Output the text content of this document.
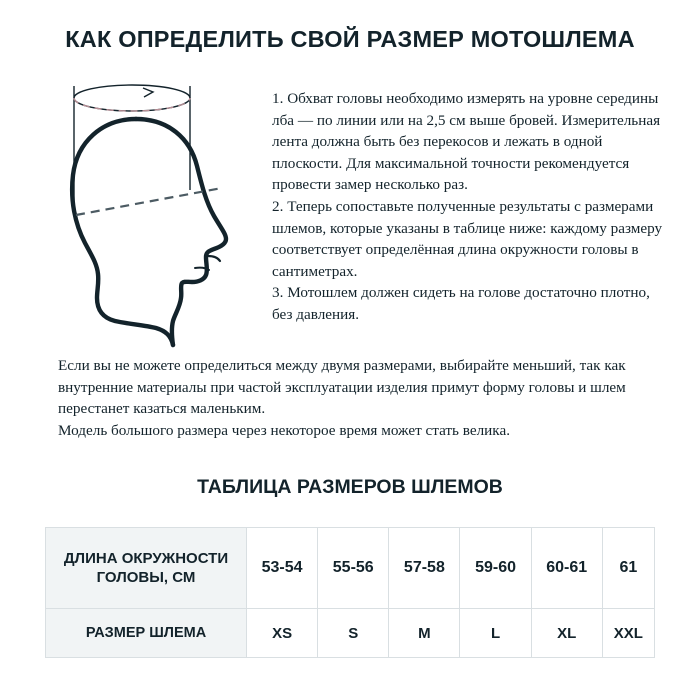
КАК ОПРЕДЕЛИТЬ СВОЙ РАЗМЕР МОТОШЛЕМА

1. Обхват головы необходимо измерять на уровне середины лба — по линии или на 2,5 см выше бровей. Измерительная лента должна быть без перекосов и лежать в одной плоскости. Для максимальной точности рекомендуется провести замер несколько раз.

2. Теперь сопоставьте полученные результаты с размерами шлемов, которые указаны в таблице ниже: каждому размеру соответствует определённая длина окружности головы в сантиметрах.

3. Мотошлем должен сидеть на голове достаточно плотно, без давления.

Если вы не можете определиться между двумя размерами, выбирайте меньший, так как внутренние материалы при частой эксплуатации изделия примут форму головы и шлем перестанет казаться маленьким.

Модель большого размера через некоторое время может стать велика.

ТАБЛИЦА РАЗМЕРОВ ШЛЕМОВ
ДЛИНА ОКРУЖНОСТИ ГОЛОВЫ, СМ	53-54	55-56	57-58	59-60	60-61	61
РАЗМЕР ШЛЕМА	XS	S	M	L	XL	XXL
